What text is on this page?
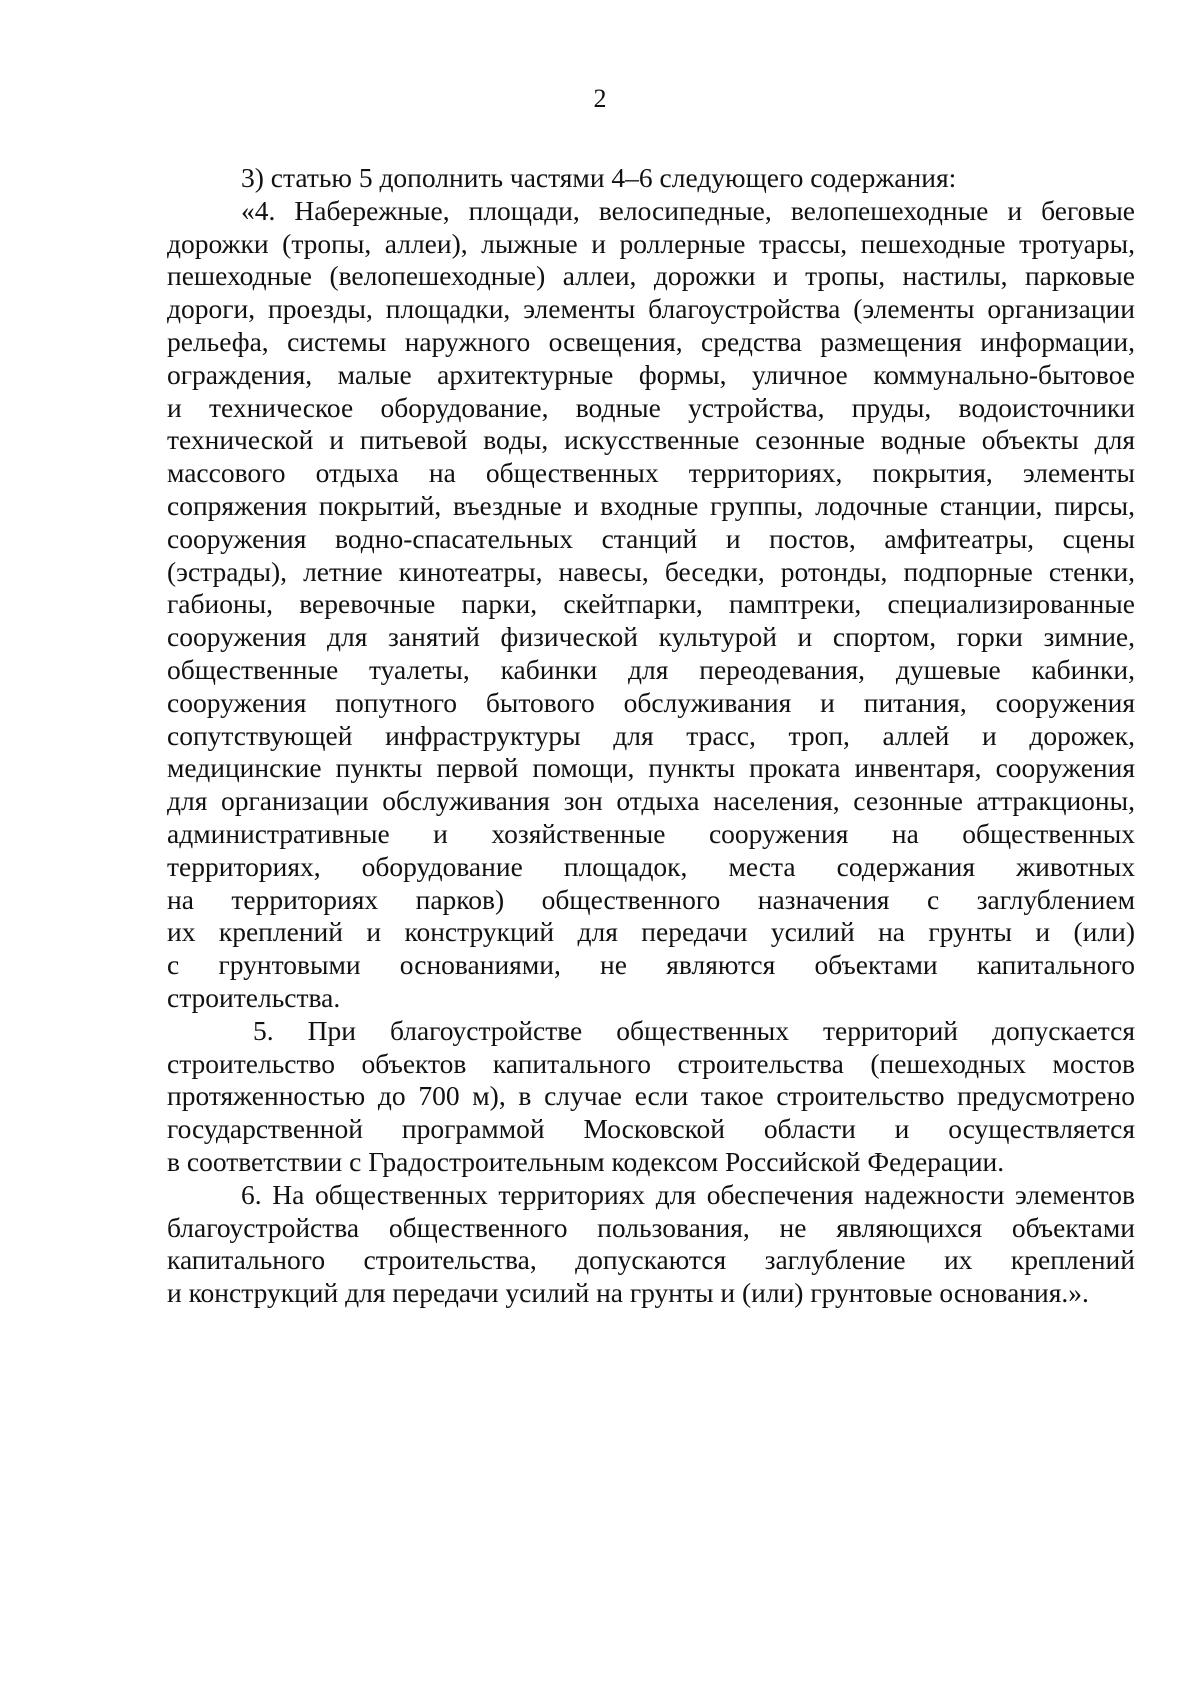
2
3) статью 5 дополнить частями 4–6 следующего содержания:
«4. Набережные, площади, велосипедные, велопешеходные и беговые
дорожки (тропы, аллеи), лыжные и роллерные трассы, пешеходные тротуары,
пешеходные (велопешеходные) аллеи, дорожки и тропы, настилы, парковые
дороги, проезды, площадки, элементы благоустройства (элементы организации
рельефа, системы наружного освещения, средства размещения информации,
ограждения, малые архитектурные формы, уличное коммунально-бытовое
и техническое оборудование, водные устройства, пруды, водоисточники
технической и питьевой воды, искусственные сезонные водные объекты для
массового отдыха на общественных территориях, покрытия, элементы
сопряжения покрытий, въездные и входные группы, лодочные станции, пирсы,
сооружения водно-спасательных станций и постов, амфитеатры, сцены
(эстрады), летние кинотеатры, навесы, беседки, ротонды, подпорные стенки,
габионы, веревочные парки, скейтпарки, памптреки, специализированные
сооружения для занятий физической культурой и спортом, горки зимние,
общественные туалеты, кабинки для переодевания, душевые кабинки,
сооружения попутного бытового обслуживания и питания, сооружения
сопутствующей инфраструктуры для трасс, троп, аллей и дорожек,
медицинские пункты первой помощи, пункты проката инвентаря, сооружения
для организации обслуживания зон отдыха населения, сезонные аттракционы,
административные и хозяйственные сооружения на общественных
территориях, оборудование площадок, места содержания животных
на территориях парков) общественного назначения с заглублением
их креплений и конструкций для передачи усилий на грунты и (или)
с грунтовыми основаниями, не являются объектами капитального
строительства.
5. При благоустройстве общественных территорий допускается
строительство объектов капитального строительства (пешеходных мостов
протяженностью до 700 м), в случае если такое строительство предусмотрено
государственной программой Московской области и осуществляется
в соответствии с Градостроительным кодексом Российской Федерации.
6. На общественных территориях для обеспечения надежности элементов
благоустройства общественного пользования, не являющихся объектами
капитального строительства, допускаются заглубление их креплений
и конструкций для передачи усилий на грунты и (или) грунтовые основания.».
